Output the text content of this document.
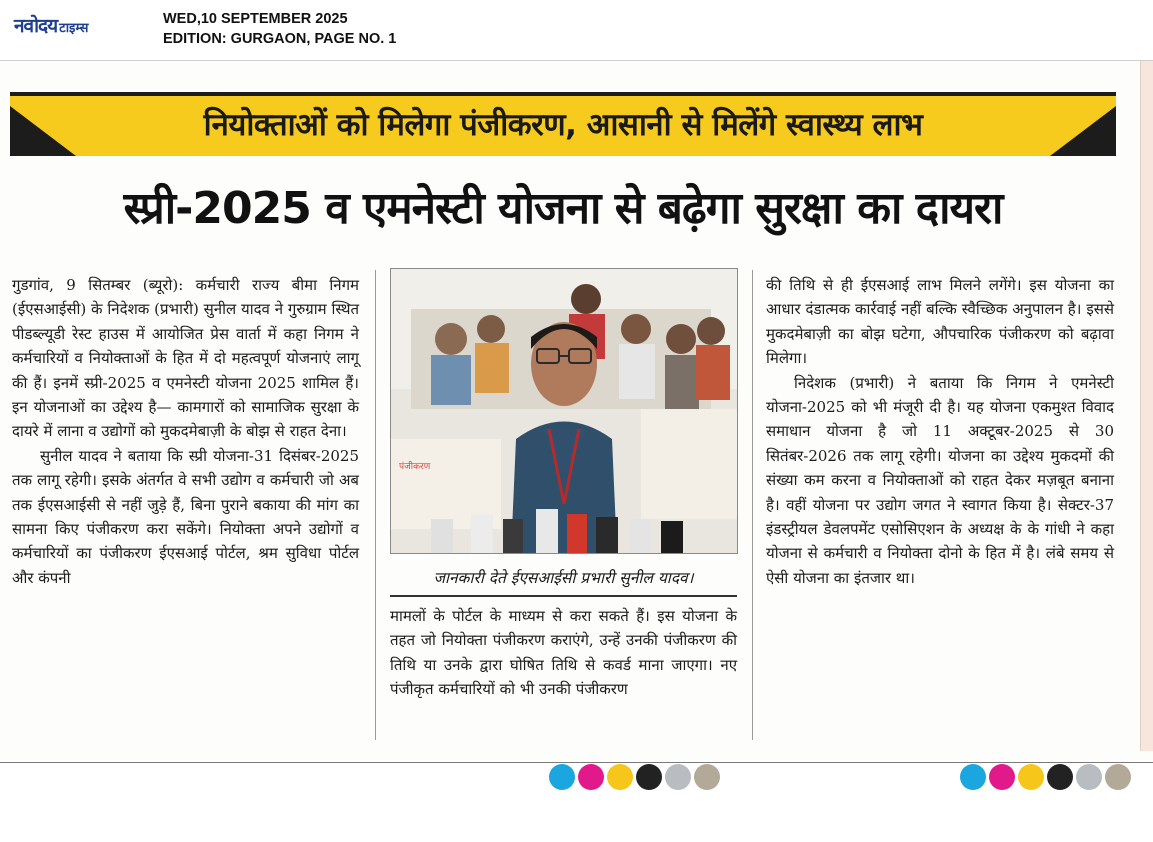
नवोदय टाइम्स
WED,10 SEPTEMBER 2025
EDITION: GURGAON, PAGE NO. 1
नियोक्ताओं को मिलेगा पंजीकरण, आसानी से मिलेंगे स्वास्थ्य लाभ
स्प्री-2025 व एमनेस्टी योजना से बढ़ेगा सुरक्षा का दायरा

गुडगांव, 9 सितम्बर (ब्यूरो): कर्मचारी राज्य बीमा निगम (ईएसआईसी) के निदेशक (प्रभारी) सुनील यादव ने गुरुग्राम स्थित पीडब्ल्यूडी रेस्ट हाउस में आयोजित प्रेस वार्ता में कहा निगम ने कर्मचारियों व नियोक्ताओं के हित में दो महत्वपूर्ण योजनाएं लागू की हैं। इनमें स्प्री-2025 व एमनेस्टी योजना 2025 शामिल हैं। इन योजनाओं का उद्देश्य है— कामगारों को सामाजिक सुरक्षा के दायरे में लाना व उद्योगों को मुकदमेबाज़ी के बोझ से राहत देना।

सुनील यादव ने बताया कि स्प्री योजना-31 दिसंबर-2025 तक लागू रहेगी। इसके अंतर्गत वे सभी उद्योग व कर्मचारी जो अब तक ईएसआईसी से नहीं जुड़े हैं, बिना पुराने बकाया की मांग का सामना किए पंजीकरण करा सकेंगे। नियोक्ता अपने उद्योगों व कर्मचारियों का पंजीकरण ईएसआई पोर्टल, श्रम सुविधा पोर्टल और कंपनी

पंजीकरण
जानकारी देते ईएसआईसी प्रभारी सुनील यादव।

मामलों के पोर्टल के माध्यम से करा सकते हैं। इस योजना के तहत जो नियोक्ता पंजीकरण कराएंगे, उन्हें उनकी पंजीकरण की तिथि या उनके द्वारा घोषित तिथि से कवर्ड माना जाएगा। नए पंजीकृत कर्मचारियों को भी उनकी पंजीकरण

की तिथि से ही ईएसआई लाभ मिलने लगेंगे। इस योजना का आधार दंडात्मक कार्रवाई नहीं बल्कि स्वैच्छिक अनुपालन है। इससे मुकदमेबाज़ी का बोझ घटेगा, औपचारिक पंजीकरण को बढ़ावा मिलेगा।

निदेशक (प्रभारी) ने बताया कि निगम ने एमनेस्टी योजना-2025 को भी मंजूरी दी है। यह योजना एकमुश्त विवाद समाधान योजना है जो 11 अक्टूबर-2025 से 30 सितंबर-2026 तक लागू रहेगी। योजना का उद्देश्य मुकदमों की संख्या कम करना व नियोक्ताओं को राहत देकर मज़बूत बनाना है। वहीं योजना पर उद्योग जगत ने स्वागत किया है। सेक्टर-37 इंडस्ट्रीयल डेवलपमेंट एसोसिएशन के अध्यक्ष के के गांधी ने कहा योजना से कर्मचारी व नियोक्ता दोनो के हित में है। लंबे समय से ऐसी योजना का इंतजार था।
